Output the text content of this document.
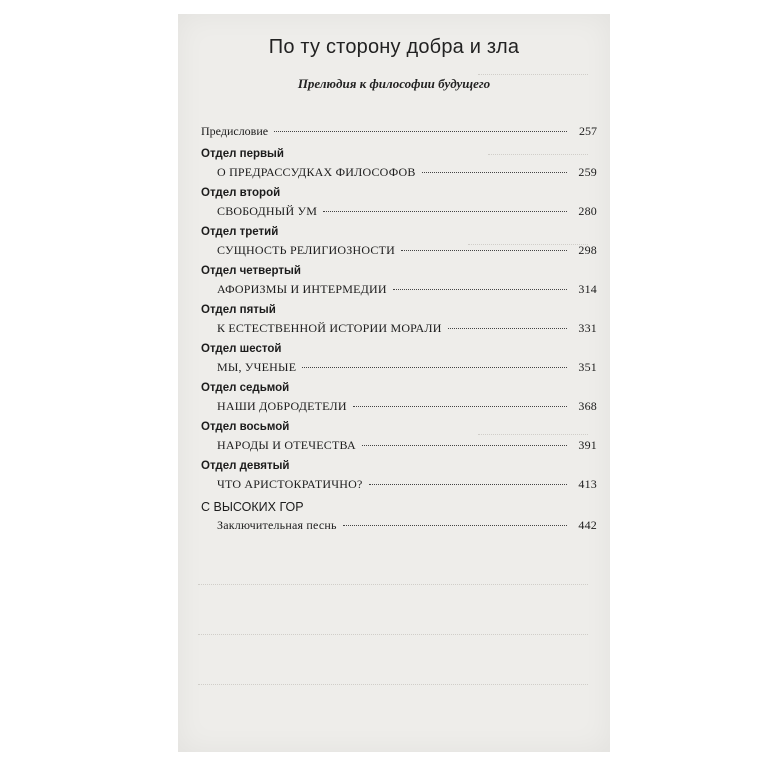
По ту сторону добра и зла
Прелюдия к философии будущего
Предисловие	257
Отдел первый
О ПРЕДРАССУДКАХ ФИЛОСОФОВ	259
Отдел второй
СВОБОДНЫЙ УМ	280
Отдел третий
СУЩНОСТЬ РЕЛИГИОЗНОСТИ	298
Отдел четвертый
АФОРИЗМЫ И ИНТЕРМЕДИИ	314
Отдел пятый
К ЕСТЕСТВЕННОЙ ИСТОРИИ МОРАЛИ	331
Отдел шестой
МЫ, УЧЕНЫЕ	351
Отдел седьмой
НАШИ ДОБРОДЕТЕЛИ	368
Отдел восьмой
НАРОДЫ И ОТЕЧЕСТВА	391
Отдел девятый
ЧТО АРИСТОКРАТИЧНО?	413
С ВЫСОКИХ ГОР
Заключительная песнь	442
